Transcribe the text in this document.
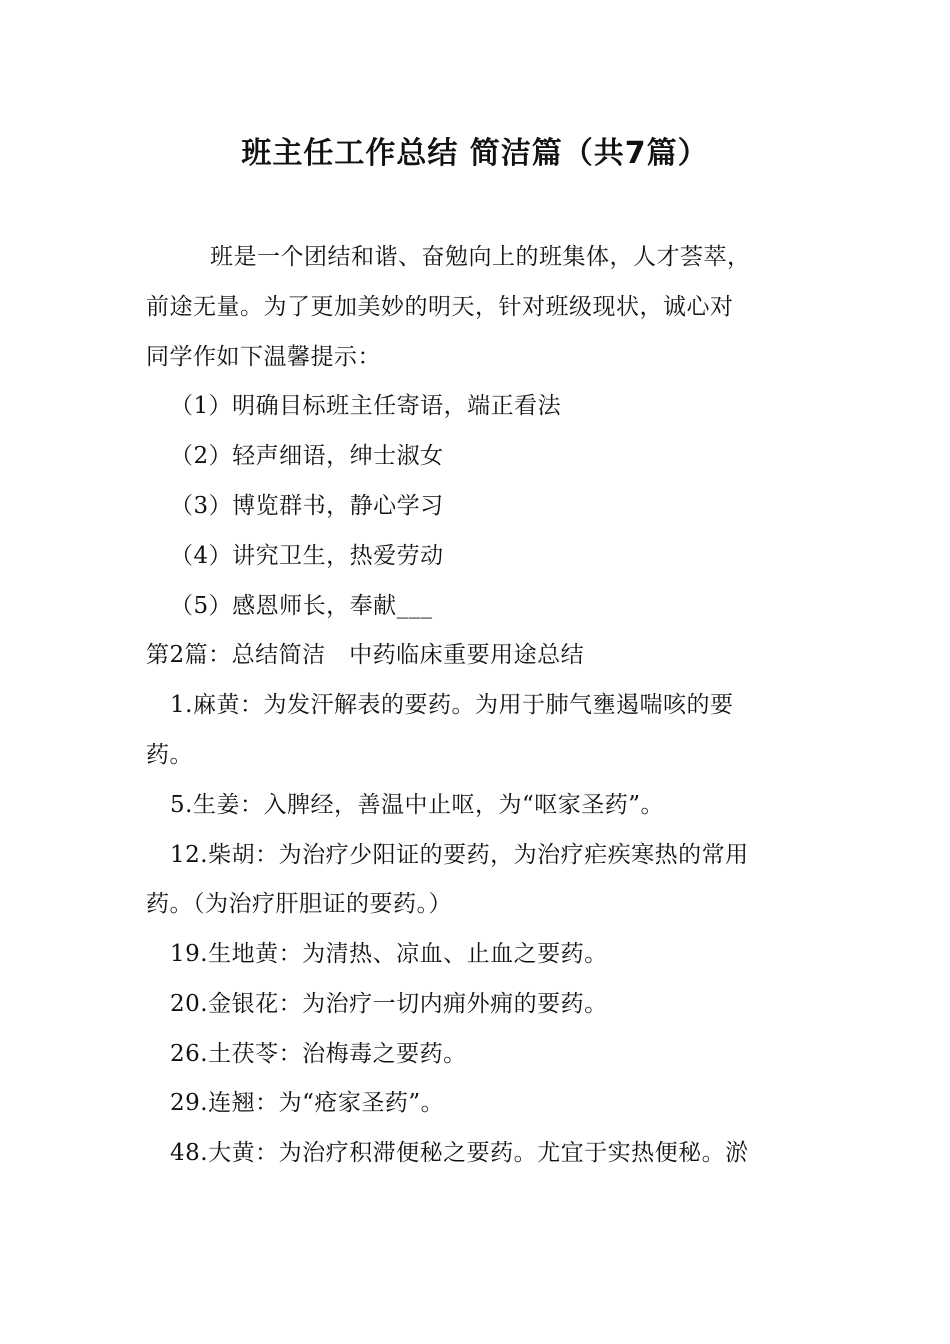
班主任工作总结 简洁篇（共7篇）
班是一个团结和谐、奋勉向上的班集体，人才荟萃，
前途无量。为了更加美妙的明天，针对班级现状，诚心对
同学作如下温馨提示：
（1）明确目标班主任寄语，端正看法
（2）轻声细语，绅士淑女
（3）博览群书，静心学习
（4）讲究卫生，热爱劳动
（5）感恩师长，奉献___
第2篇：总结简洁　中药临床重要用途总结
1.麻黄：为发汗解表的要药。为用于肺气壅遏喘咳的要
药。
5.生姜：入脾经，善温中止呕，为“呕家圣药”。
12.柴胡：为治疗少阳证的要药，为治疗疟疾寒热的常用
药。（为治疗肝胆证的要药。）
19.生地黄：为清热、凉血、止血之要药。
20.金银花：为治疗一切内痈外痈的要药。
26.土茯苓：治梅毒之要药。
29.连翘：为“疮家圣药”。
48.大黄：为治疗积滞便秘之要药。尤宜于实热便秘。淤
